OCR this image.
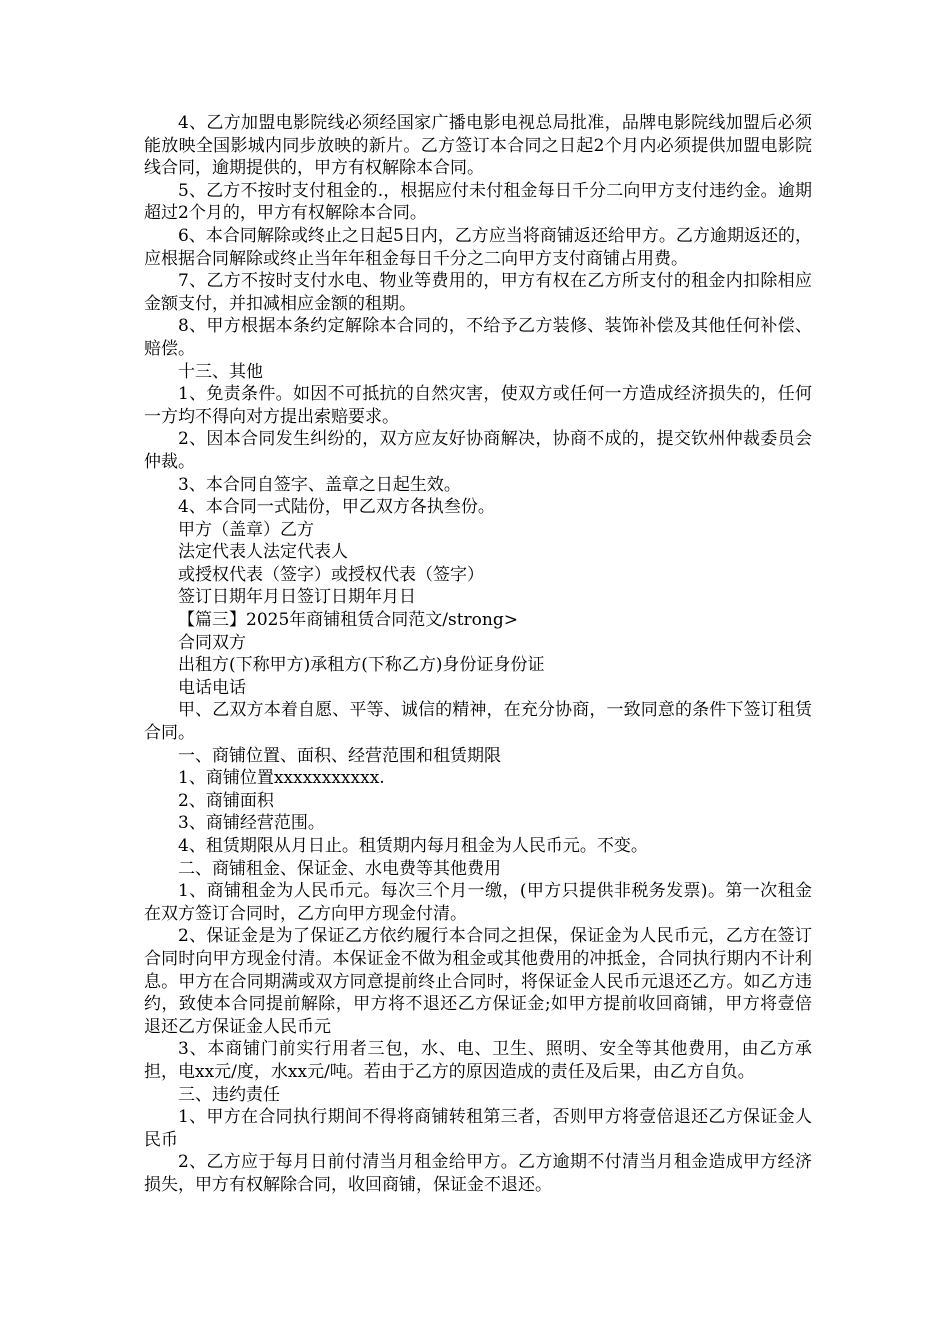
4、乙方加盟电影院线必须经国家广播电影电视总局批准，品牌电影院线加盟后必须能放映全国影城内同步放映的新片。乙方签订本合同之日起2个月内必须提供加盟电影院线合同，逾期提供的，甲方有权解除本合同。

5、乙方不按时支付租金的.，根据应付未付租金每日千分二向甲方支付违约金。逾期超过2个月的，甲方有权解除本合同。

6、本合同解除或终止之日起5日内，乙方应当将商铺返还给甲方。乙方逾期返还的，应根据合同解除或终止当年年租金每日千分之二向甲方支付商铺占用费。

7、乙方不按时支付水电、物业等费用的，甲方有权在乙方所支付的租金内扣除相应金额支付，并扣减相应金额的租期。

8、甲方根据本条约定解除本合同的，不给予乙方装修、装饰补偿及其他任何补偿、赔偿。

十三、其他

1、免责条件。如因不可抵抗的自然灾害，使双方或任何一方造成经济损失的，任何一方均不得向对方提出索赔要求。

2、因本合同发生纠纷的，双方应友好协商解决，协商不成的，提交钦州仲裁委员会仲裁。

3、本合同自签字、盖章之日起生效。

4、本合同一式陆份，甲乙双方各执叁份。

甲方（盖章）乙方

法定代表人法定代表人

或授权代表（签字）或授权代表（签字）

签订日期年月日签订日期年月日

【篇三】2025年商铺租赁合同范文/strong>

合同双方

出租方(下称甲方)承租方(下称乙方)身份证身份证

电话电话

甲、乙双方本着自愿、平等、诚信的精神，在充分协商，一致同意的条件下签订租赁合同。

一、商铺位置、面积、经营范围和租赁期限

1、商铺位置xxxxxxxxxxx.

2、商铺面积

3、商铺经营范围。

4、租赁期限从月日止。租赁期内每月租金为人民币元。不变。

二、商铺租金、保证金、水电费等其他费用

1、商铺租金为人民币元。每次三个月一缴，(甲方只提供非税务发票)。第一次租金在双方签订合同时，乙方向甲方现金付清。

2、保证金是为了保证乙方依约履行本合同之担保，保证金为人民币元，乙方在签订合同时向甲方现金付清。本保证金不做为租金或其他费用的冲抵金，合同执行期内不计利息。甲方在合同期满或双方同意提前终止合同时，将保证金人民币元退还乙方。如乙方违约，致使本合同提前解除，甲方将不退还乙方保证金;如甲方提前收回商铺，甲方将壹倍退还乙方保证金人民币元

3、本商铺门前实行用者三包，水、电、卫生、照明、安全等其他费用，由乙方承担，电xx元/度，水xx元/吨。若由于乙方的原因造成的责任及后果，由乙方自负。

三、违约责任

1、甲方在合同执行期间不得将商铺转租第三者，否则甲方将壹倍退还乙方保证金人民币

2、乙方应于每月日前付清当月租金给甲方。乙方逾期不付清当月租金造成甲方经济损失，甲方有权解除合同，收回商铺，保证金不退还。
